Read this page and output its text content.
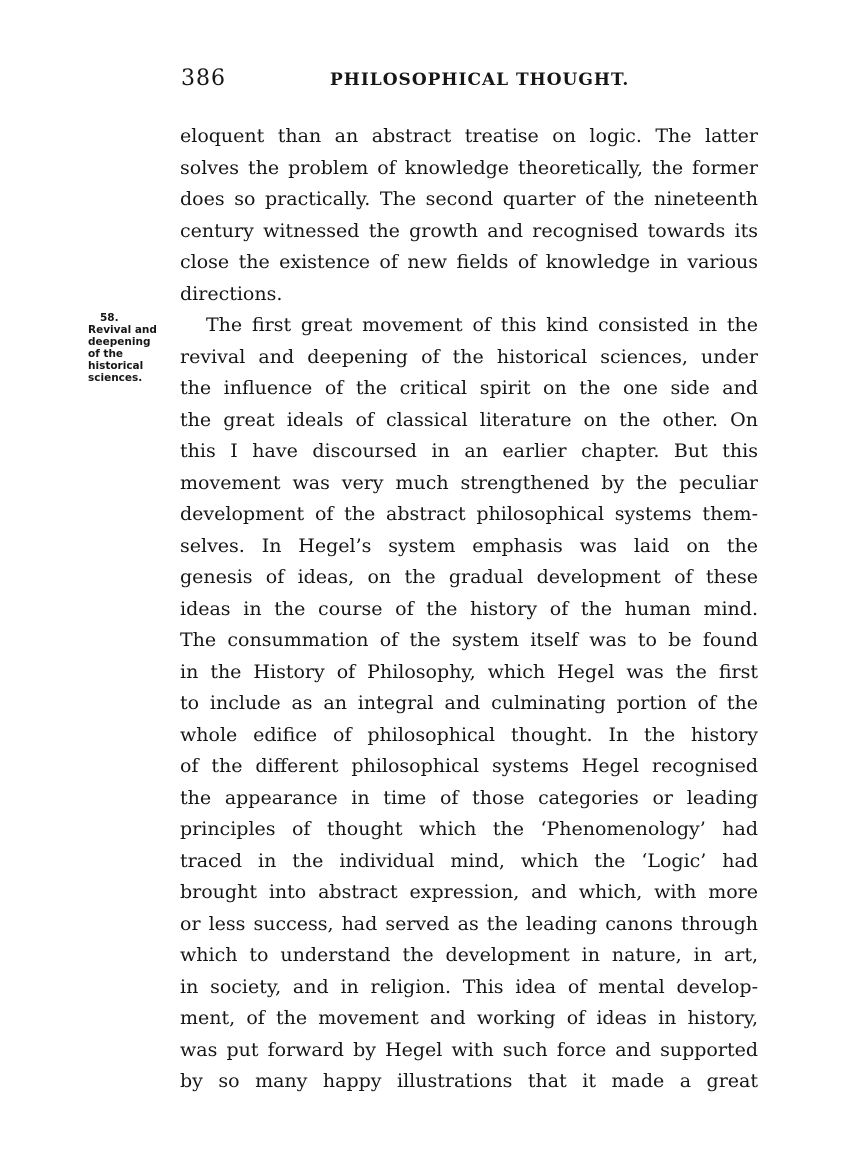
386	PHILOSOPHICAL THOUGHT.
58.
Revival and
deepening
of the
historical
sciences.
eloquent than an abstract treatise on logic. The latter
solves the problem of knowledge theoretically, the former
does so practically. The second quarter of the nineteenth
century witnessed the growth and recognised towards its
close the existence of new fields of knowledge in various
directions.
The first great movement of this kind consisted in the
revival and deepening of the historical sciences, under
the influence of the critical spirit on the one side and
the great ideals of classical literature on the other. On
this I have discoursed in an earlier chapter. But this
movement was very much strengthened by the peculiar
development of the abstract philosophical systems them-
selves. In Hegel’s system emphasis was laid on the
genesis of ideas, on the gradual development of these
ideas in the course of the history of the human mind.
The consummation of the system itself was to be found
in the History of Philosophy, which Hegel was the first
to include as an integral and culminating portion of the
whole edifice of philosophical thought. In the history
of the different philosophical systems Hegel recognised
the appearance in time of those categories or leading
principles of thought which the ‘Phenomenology’ had
traced in the individual mind, which the ‘Logic’ had
brought into abstract expression, and which, with more
or less success, had served as the leading canons through
which to understand the development in nature, in art,
in society, and in religion. This idea of mental develop-
ment, of the movement and working of ideas in history,
was put forward by Hegel with such force and supported
by so many happy illustrations that it made a great
